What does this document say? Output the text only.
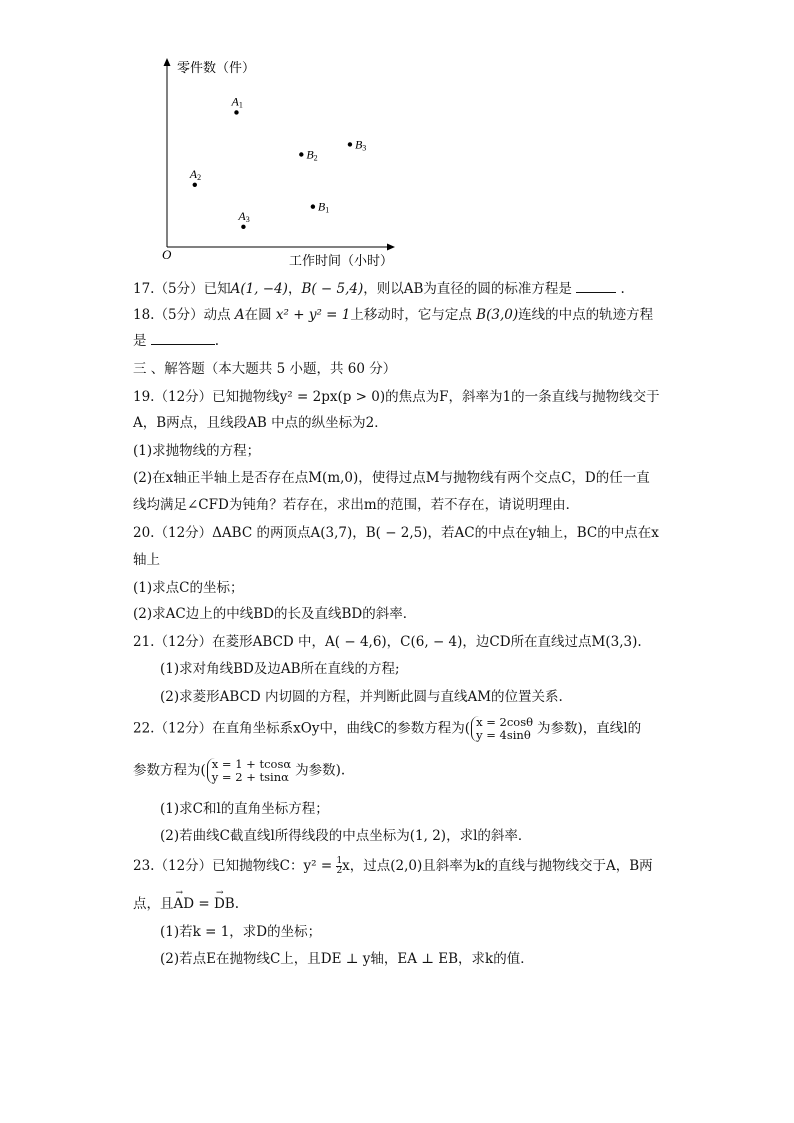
零件数（件）
工作时间（小时）
O
A1
A2
A3
B1
B2
B3
17.（5分）已知A(1, −4)，B( − 5,4)，则以AB为直径的圆的标准方程是	.
18.（5分）动点 A在圆 x² + y² = 1上移动时，它与定点 B(3,0)连线的中点的轨迹方程
是	.
三 、解答题（本大题共 5 小题，共 60 分）
19.（12分）已知抛物线y² = 2px(p > 0)的焦点为F，斜率为1的一条直线与抛物线交于
A，B两点，且线段AB 中点的纵坐标为2．
(1)求抛物线的方程；
(2)在x轴正半轴上是否存在点M(m,0)，使得过点M与抛物线有两个交点C，D的任一直
线均满足∠CFD为钝角？若存在，求出m的范围，若不存在，请说明理由．
20.（12分）ΔABC 的两顶点A(3,7)，B( − 2,5)，若AC的中点在y轴上，BC的中点在x
轴上
(1)求点C的坐标；
(2)求AC边上的中线BD的长及直线BD的斜率．
21.（12分）在菱形ABCD 中，A( − 4,6)，C(6, − 4)，边CD所在直线过点M(3,3).
(1)求对角线BD及边AB所在直线的方程;
(2)求菱形ABCD 内切圆的方程，并判断此圆与直线AM的位置关系.
22.（12分）在直角坐标系xOy中，曲线C的参数方程为( x = 2cosθ
y = 4sinθ 为参数)，直线l的
参数方程为( x = 1 + tcosα
y = 2 + tsinα 为参数).
(1)求C和l的直角坐标方程；
(2)若曲线C截直线l所得线段的中点坐标为(1, 2)，求l的斜率．
23.（12分）已知抛物线C：$y^2 = \frac{1}{2}$ x，过点(2,0)且斜率为k的直线与抛物线交于A，B两
点，且→ AD = → DB.
(1)若k = 1，求D的坐标；
(2)若点E在抛物线C上，且DE ⊥ y轴，EA ⊥ EB，求k的值．
